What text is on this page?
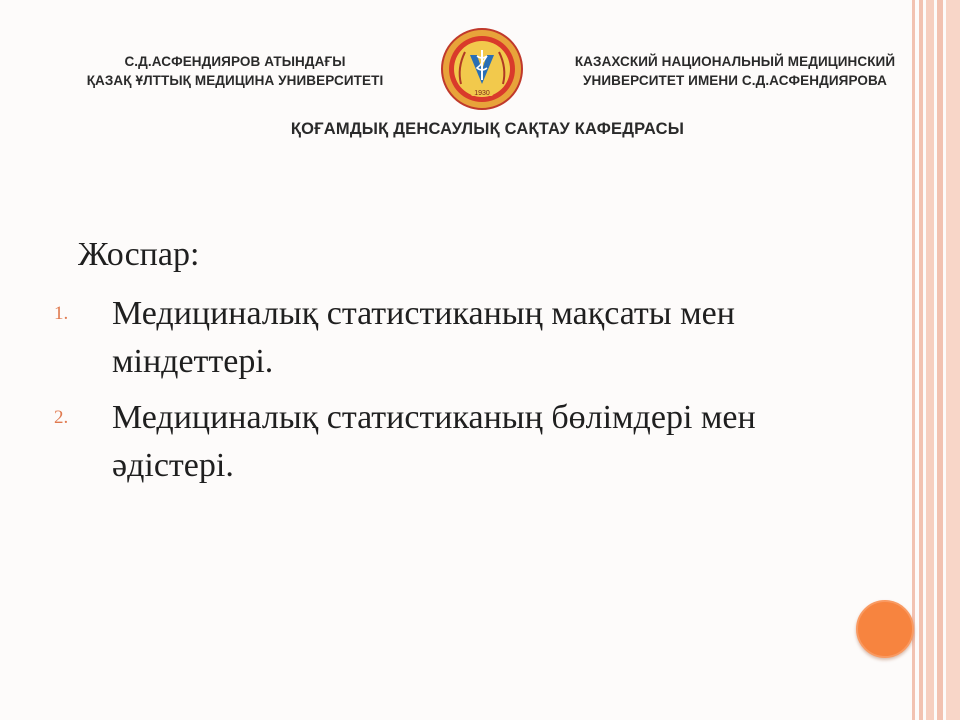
С.Д.АСФЕНДИЯРОВ АТЫНДАҒЫ
ҚАЗАҚ ҰЛТТЫҚ МЕДИЦИНА УНИВЕРСИТЕТІ
1930
КАЗАХСКИЙ НАЦИОНАЛЬНЫЙ МЕДИЦИНСКИЙ
УНИВЕРСИТЕТ ИМЕНИ С.Д.АСФЕНДИЯРОВА
ҚОҒАМДЫҚ ДЕНСАУЛЫҚ САҚТАУ КАФЕДРАСЫ
Жоспар:
1. Медициналық статистиканың мақсаты мен міндеттері.
2. Медициналық статистиканың бөлімдері мен әдістері.
